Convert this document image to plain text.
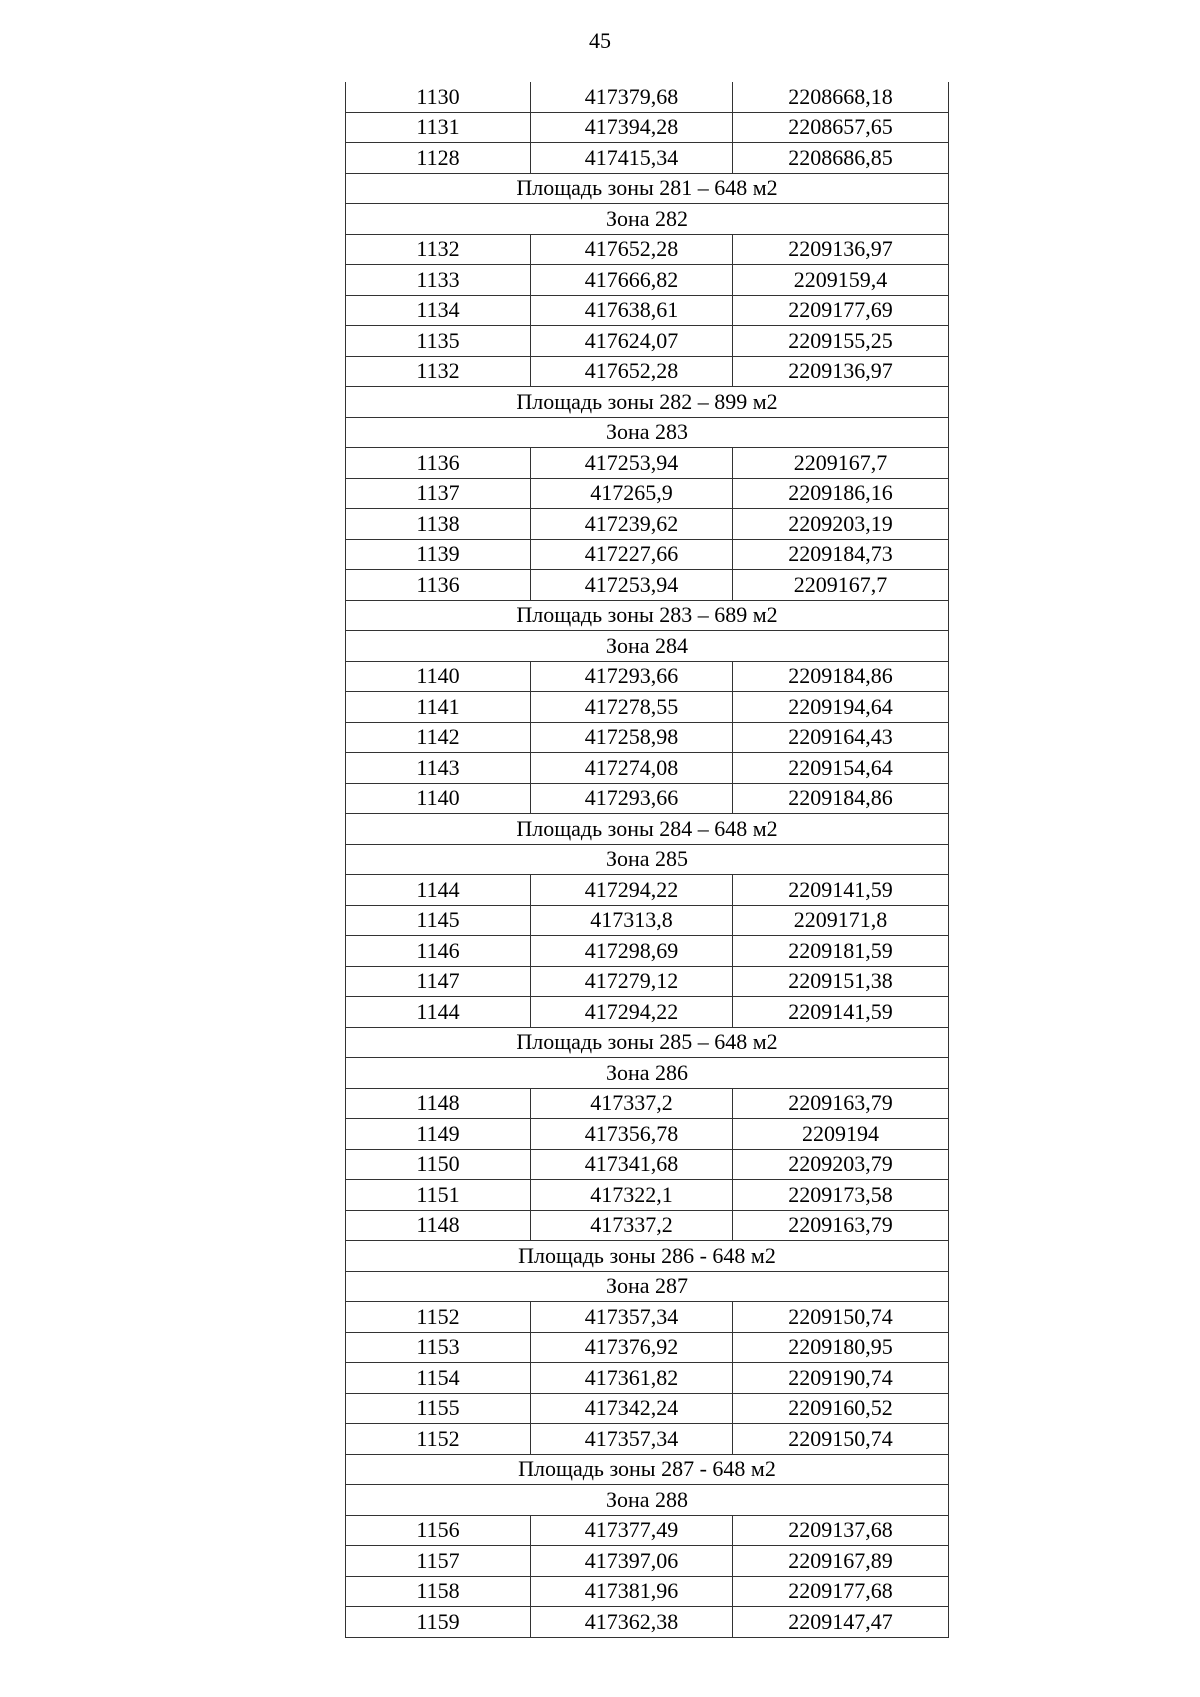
45
1130	417379,68	2208668,18
1131	417394,28	2208657,65
1128	417415,34	2208686,85
Площадь зоны 281 – 648 м2		
Зона 282		
1132	417652,28	2209136,97
1133	417666,82	2209159,4
1134	417638,61	2209177,69
1135	417624,07	2209155,25
1132	417652,28	2209136,97
Площадь зоны 282 – 899 м2		
Зона 283		
1136	417253,94	2209167,7
1137	417265,9	2209186,16
1138	417239,62	2209203,19
1139	417227,66	2209184,73
1136	417253,94	2209167,7
Площадь зоны 283 – 689 м2		
Зона 284		
1140	417293,66	2209184,86
1141	417278,55	2209194,64
1142	417258,98	2209164,43
1143	417274,08	2209154,64
1140	417293,66	2209184,86
Площадь зоны 284 – 648 м2		
Зона 285		
1144	417294,22	2209141,59
1145	417313,8	2209171,8
1146	417298,69	2209181,59
1147	417279,12	2209151,38
1144	417294,22	2209141,59
Площадь зоны 285 – 648 м2		
Зона 286		
1148	417337,2	2209163,79
1149	417356,78	2209194
1150	417341,68	2209203,79
1151	417322,1	2209173,58
1148	417337,2	2209163,79
Площадь зоны 286 - 648 м2		
Зона 287		
1152	417357,34	2209150,74
1153	417376,92	2209180,95
1154	417361,82	2209190,74
1155	417342,24	2209160,52
1152	417357,34	2209150,74
Площадь зоны 287 - 648 м2		
Зона 288		
1156	417377,49	2209137,68
1157	417397,06	2209167,89
1158	417381,96	2209177,68
1159	417362,38	2209147,47
